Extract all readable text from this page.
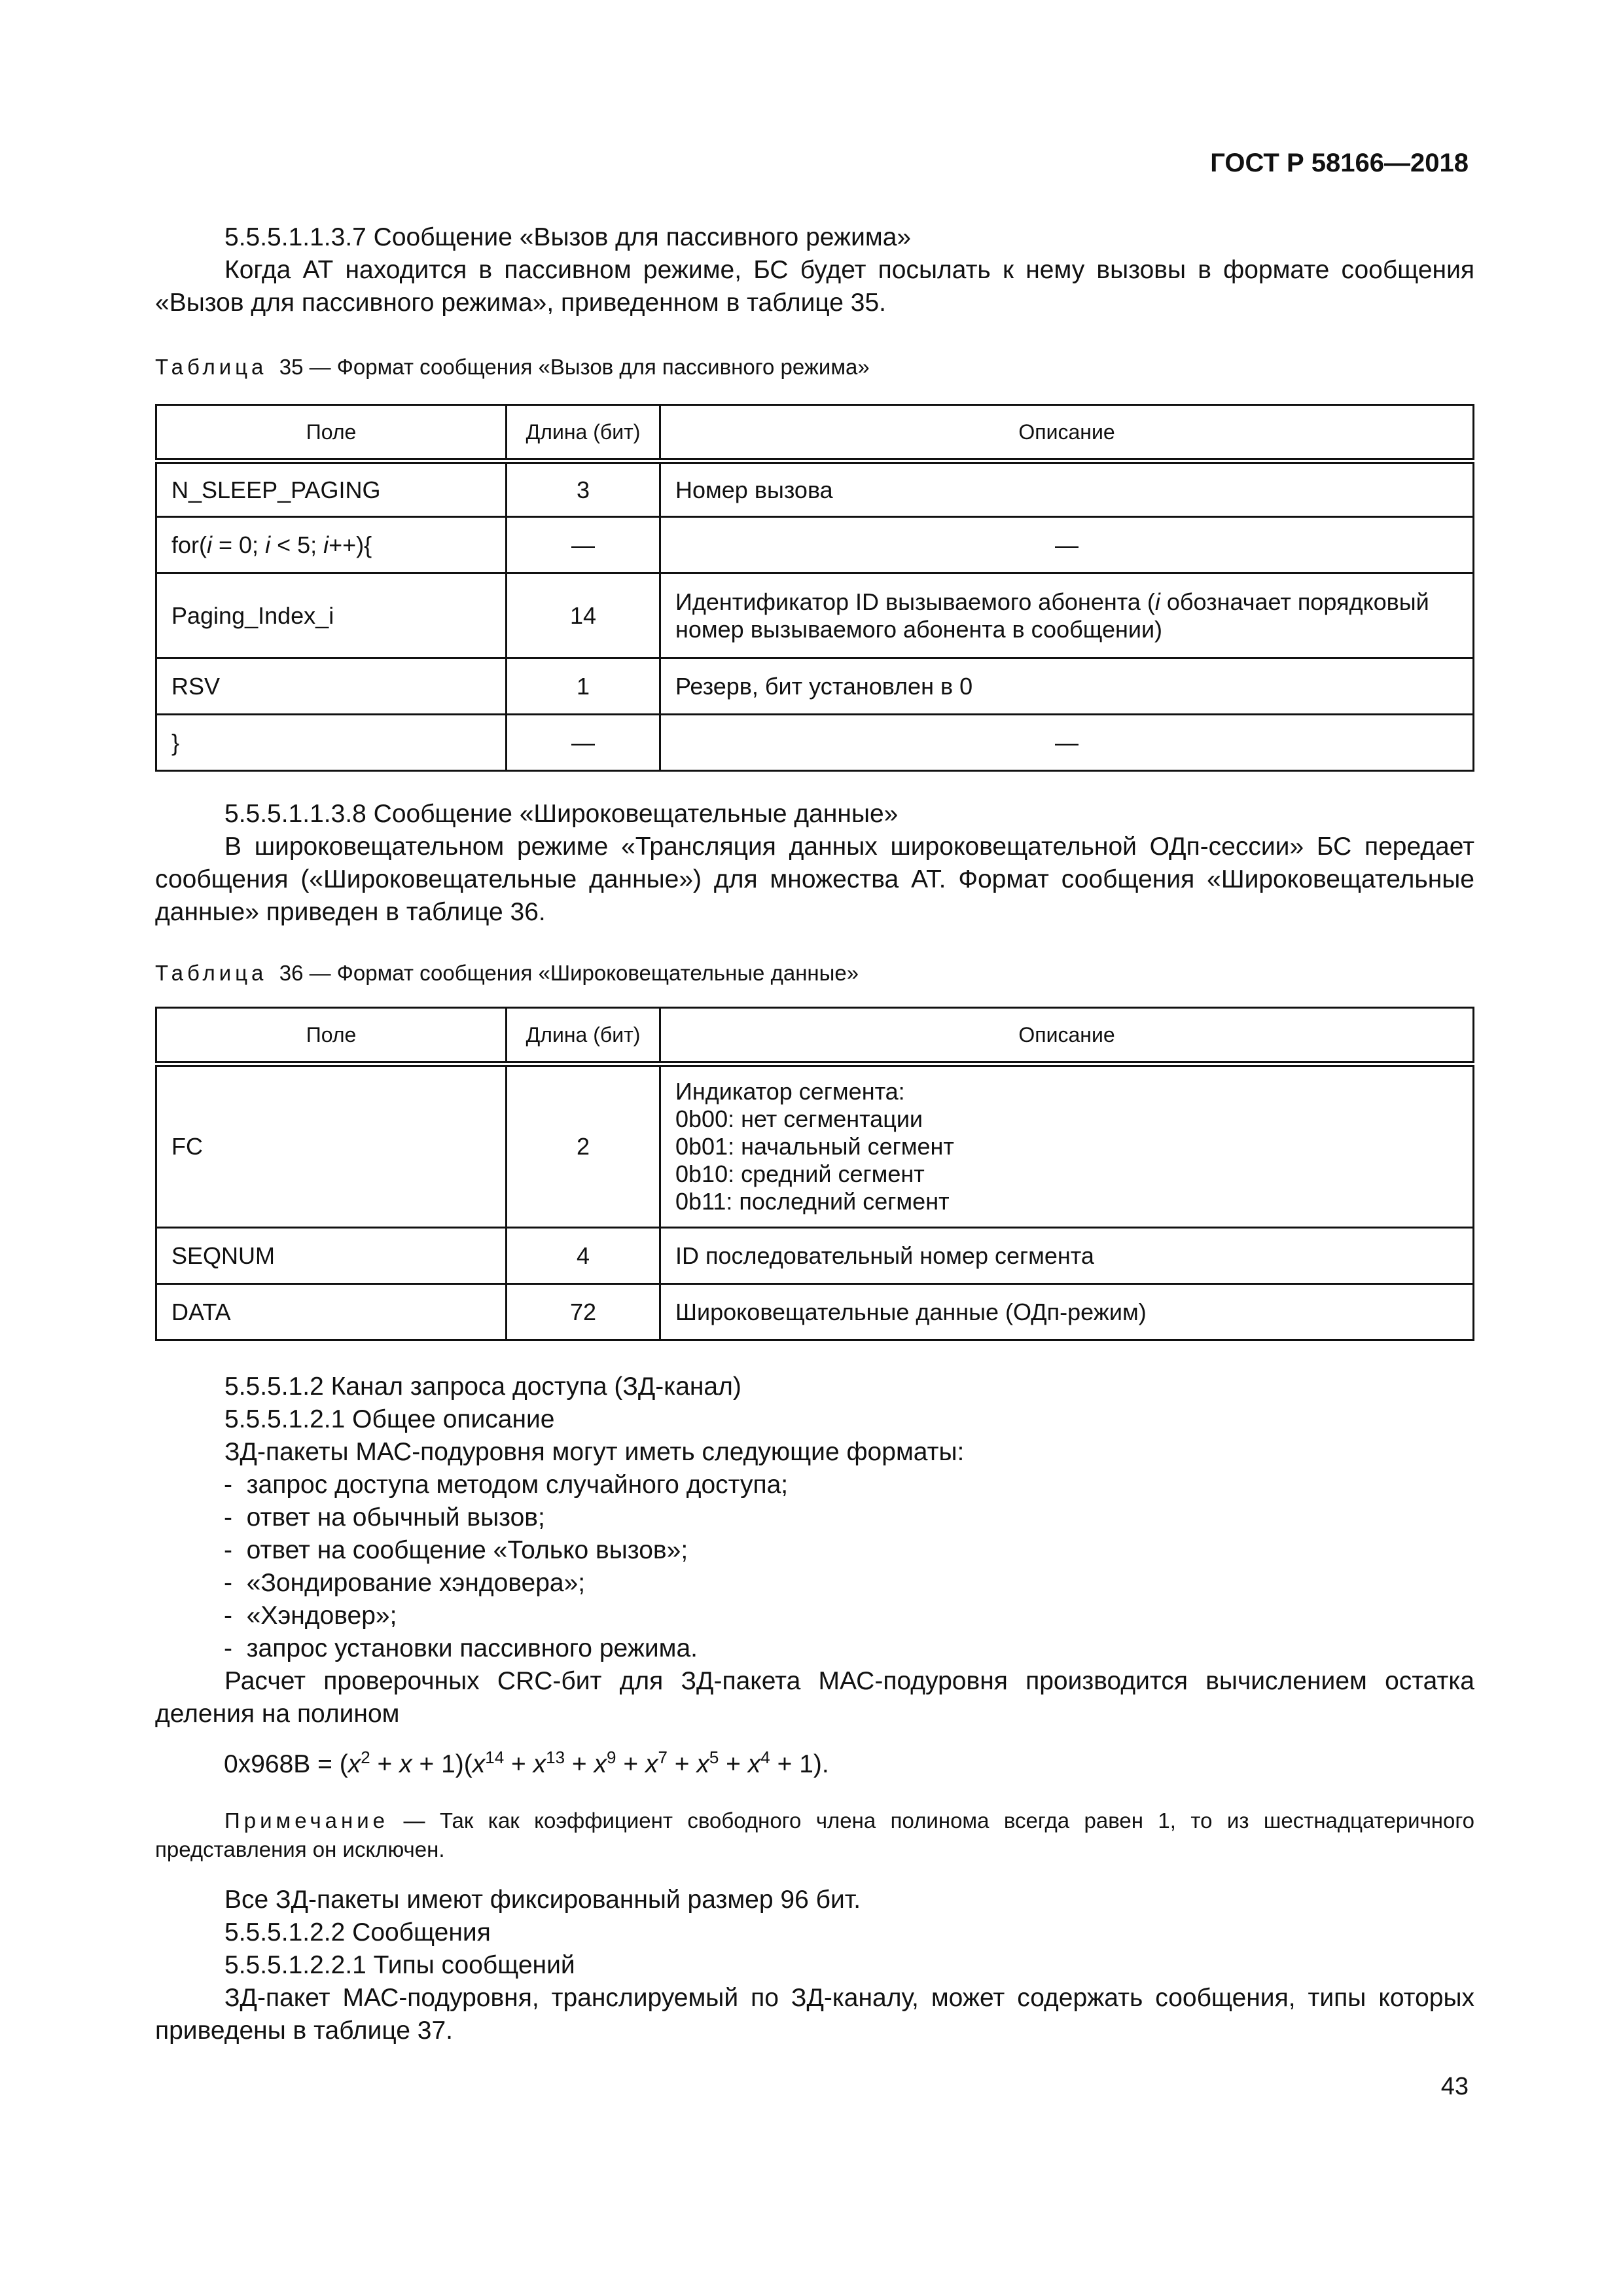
ГОСТ Р 58166—2018

5.5.5.1.1.3.7 Сообщение «Вызов для пассивного режима»

Когда АТ находится в пассивном режиме, БС будет посылать к нему вызовы в формате сообщения «Вызов для пассивного режима», приведенном в таблице 35.

Таблица 35 — Формат сообщения «Вызов для пассивного режима»
Поле	Длина (бит)	Описание
N_SLEEP_PAGING	3	Номер вызова
for(i = 0; i < 5; i++){	—	—
Paging_Index_i	14	Идентификатор ID вызываемого абонента (i обозначает порядковый номер вызываемого абонента в сообщении)
RSV	1	Резерв, бит установлен в 0
}	—	—

5.5.5.1.1.3.8 Сообщение «Широковещательные данные»

В широковещательном режиме «Трансляция данных широковещательной ОДп-сессии» БС передает сообщения («Широковещательные данные») для множества АТ. Формат сообщения «Широковещательные данные» приведен в таблице 36.

Таблица 36 — Формат сообщения «Широковещательные данные»
Поле	Длина (бит)	Описание
FC	2	Индикатор сегмента:
0b00: нет сегментации
0b01: начальный сегмент
0b10: средний сегмент
0b11: последний сегмент

SEQNUM	4	ID последовательный номер сегмента
DATA	72	Широковещательные данные (ОДп-режим)

5.5.5.1.2 Канал запроса доступа (ЗД-канал)

5.5.5.1.2.1 Общее описание

ЗД-пакеты МАС-подуровня могут иметь следующие форматы:

-  запрос доступа методом случайного доступа;
-  ответ на обычный вызов;
-  ответ на сообщение «Только вызов»;
-  «Зондирование хэндовера»;
-  «Хэндовер»;
-  запрос установки пассивного режима.

Расчет проверочных CRC-бит для ЗД-пакета МАС-подуровня производится вычислением остатка деления на полином

$0x968B = (x^2 + x + 1)(x^{14} + x^{13} + x^9 + x^7 + x^5 + x^4 + 1)$.
Примечание — Так как коэффициент свободного члена полинома всегда равен 1, то из шестнадцатеричного представления он исключен.

Все ЗД-пакеты имеют фиксированный размер 96 бит.

5.5.5.1.2.2 Сообщения

5.5.5.1.2.2.1 Типы сообщений

ЗД-пакет МАС-подуровня, транслируемый по ЗД-каналу, может содержать сообщения, типы которых приведены в таблице 37.

43
